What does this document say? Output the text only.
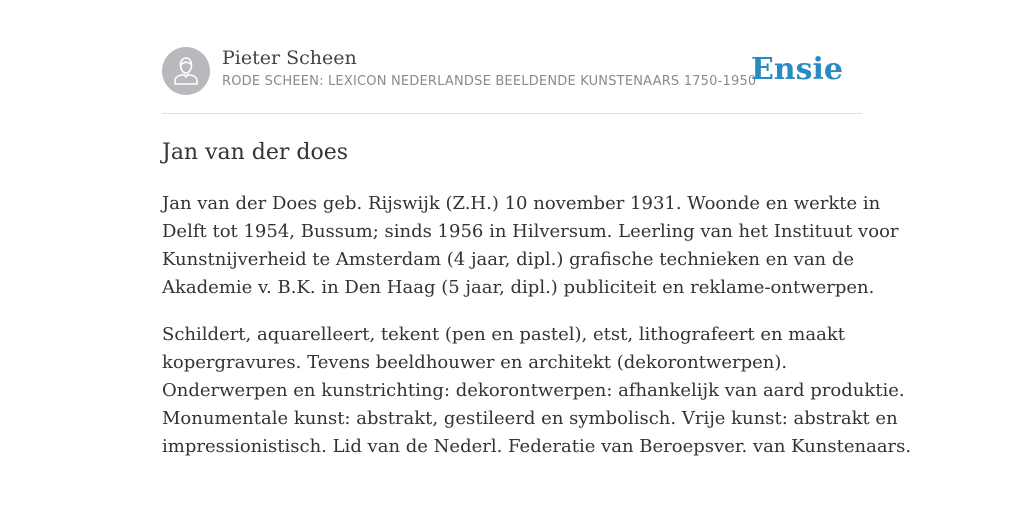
Pieter Scheen
RODE SCHEEN: LEXICON NEDERLANDSE BEELDENDE KUNSTENAARS 1750-1950
Ensie
Jan van der does

Jan van der Does geb. Rijswijk (Z.H.) 10 november 1931. Woonde en werkte in
Delft tot 1954, Bussum; sinds 1956 in Hilversum. Leerling van het Instituut voor
Kunstnijverheid te Amsterdam (4 jaar, dipl.) grafische technieken en van de
Akademie v. B.K. in Den Haag (5 jaar, dipl.) publiciteit en reklame-ontwerpen.

Schildert, aquarelleert, tekent (pen en pastel), etst, lithografeert en maakt
kopergravures. Tevens beeldhouwer en architekt (dekorontwerpen).
Onderwerpen en kunstrichting: dekorontwerpen: afhankelijk van aard produktie.
Monumentale kunst: abstrakt, gestileerd en symbolisch. Vrije kunst: abstrakt en
impressionistisch. Lid van de Nederl. Federatie van Beroepsver. van Kunstenaars.
